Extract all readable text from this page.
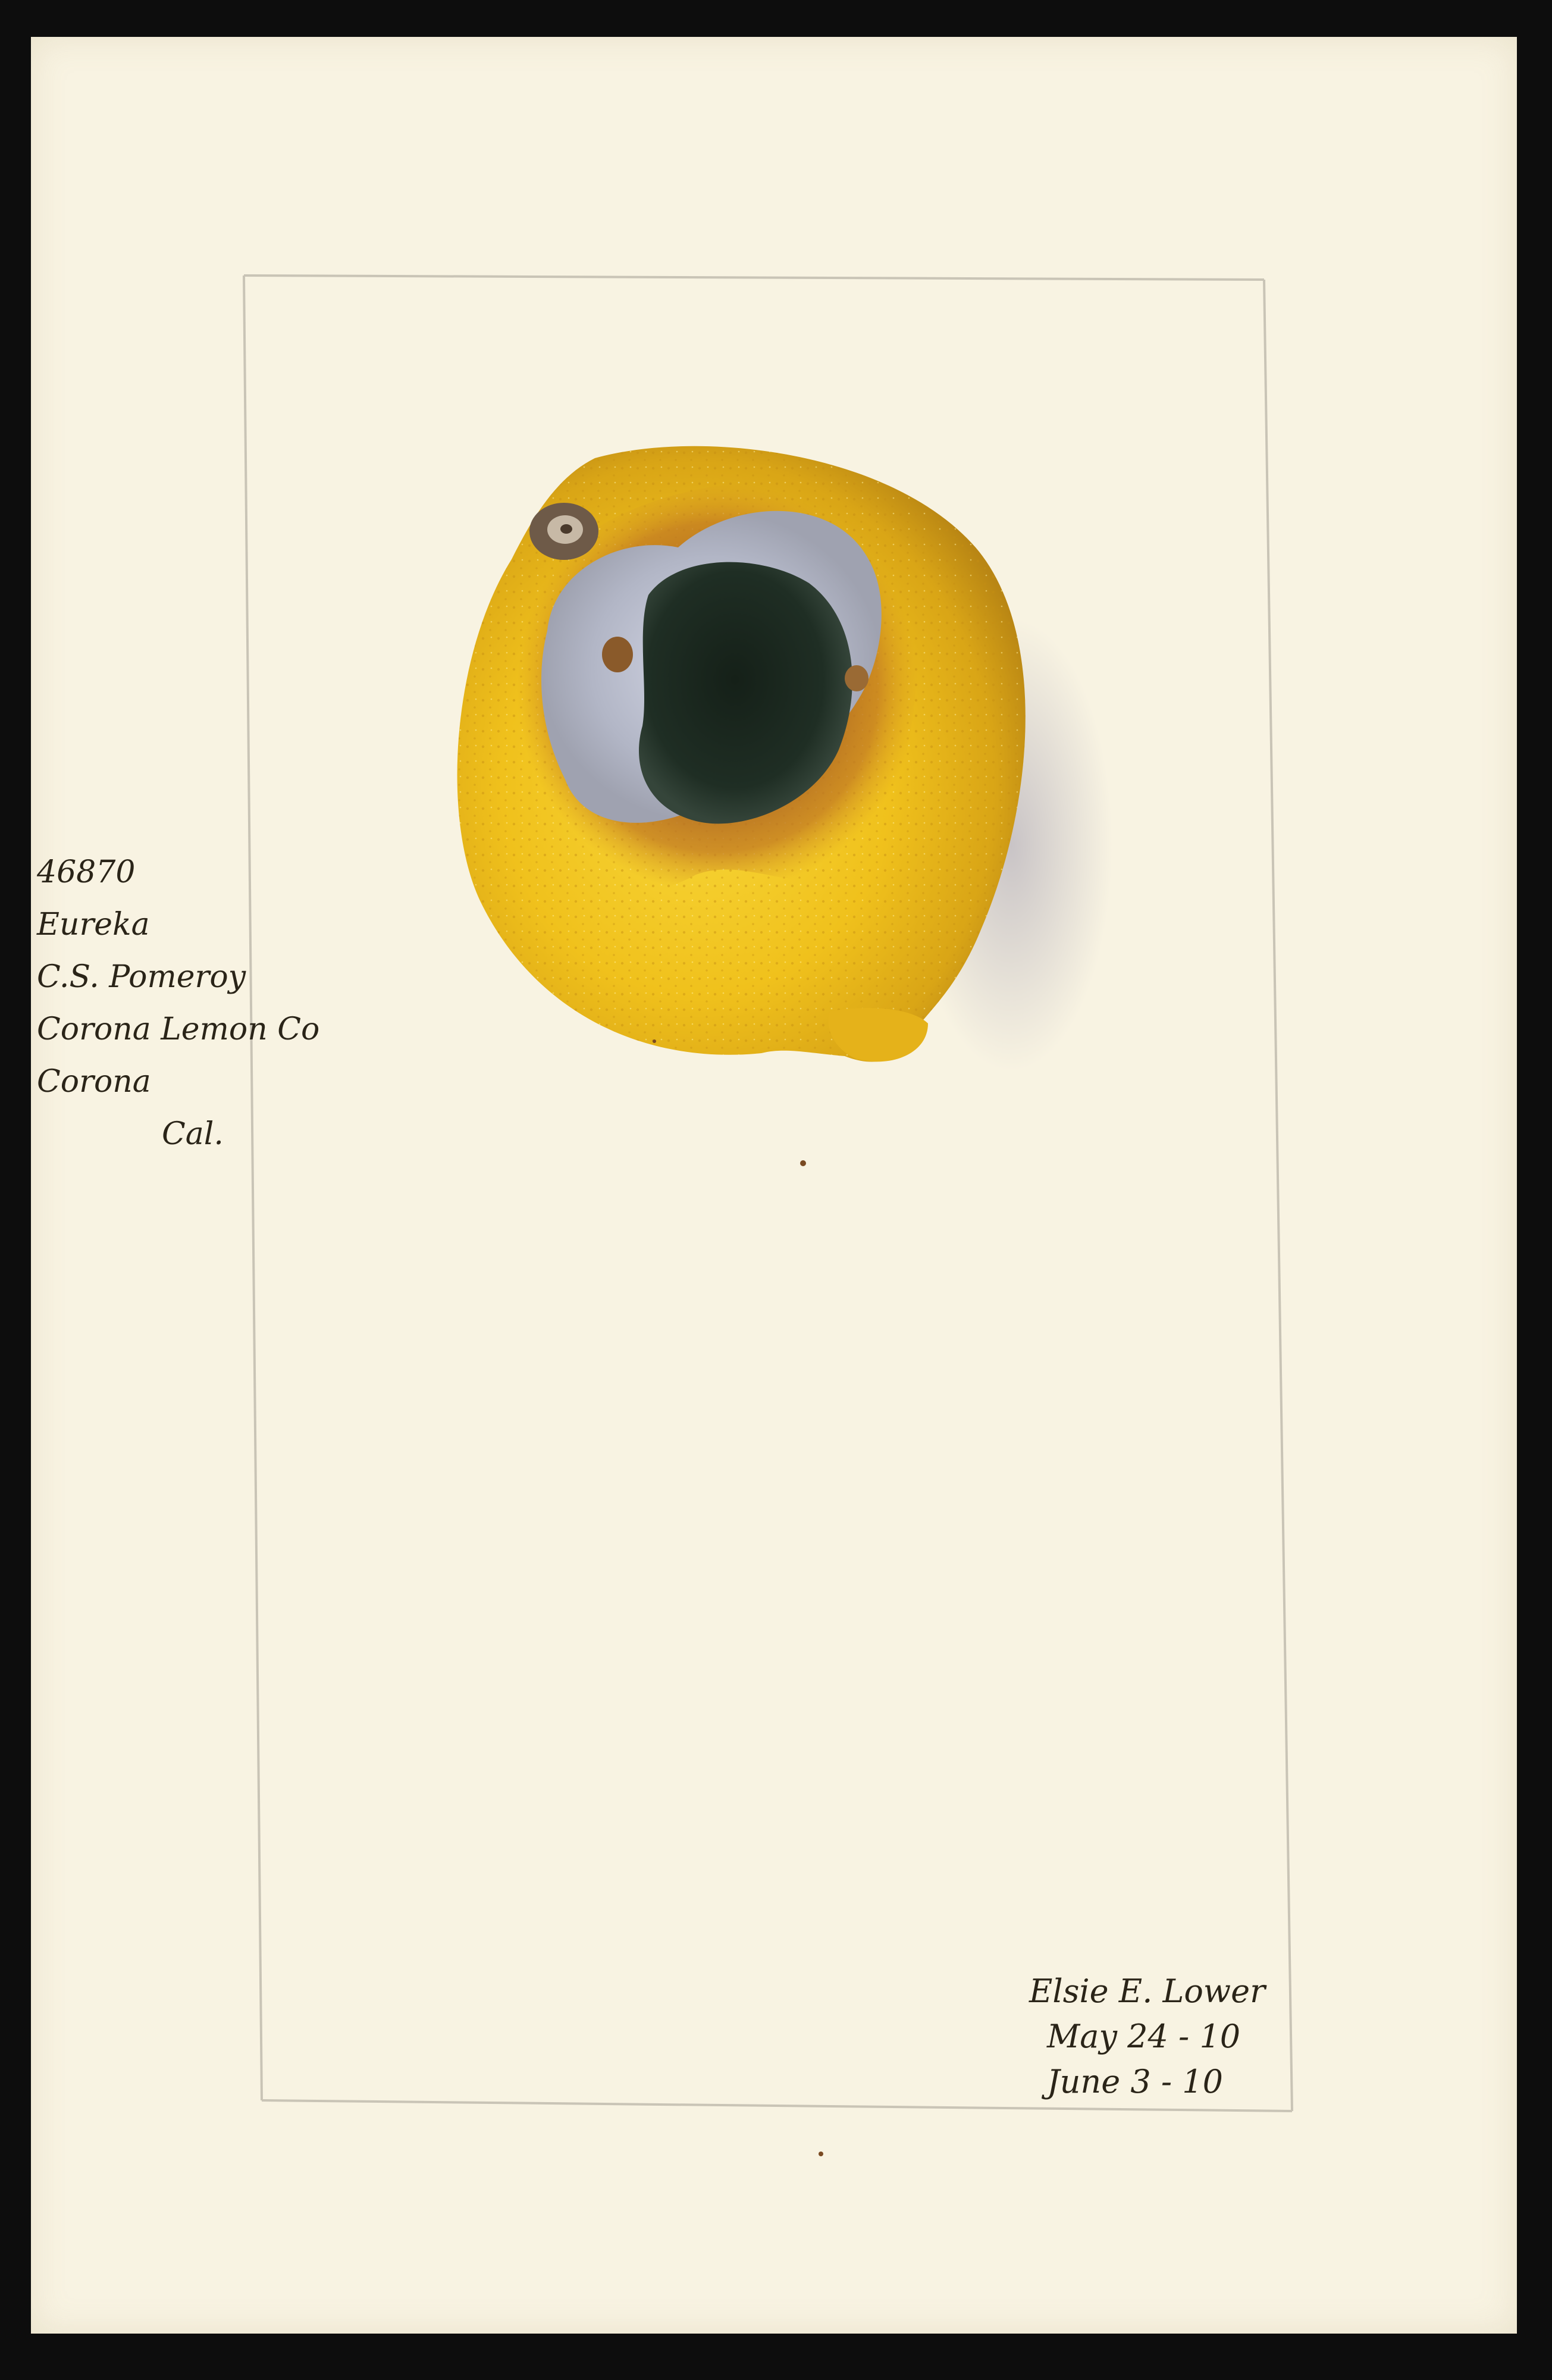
46870
Eureka
C.S. Pomeroy
Corona Lemon Co
Corona
Cal.
Elsie E. Lower
May 24 - 10
June 3 - 10
